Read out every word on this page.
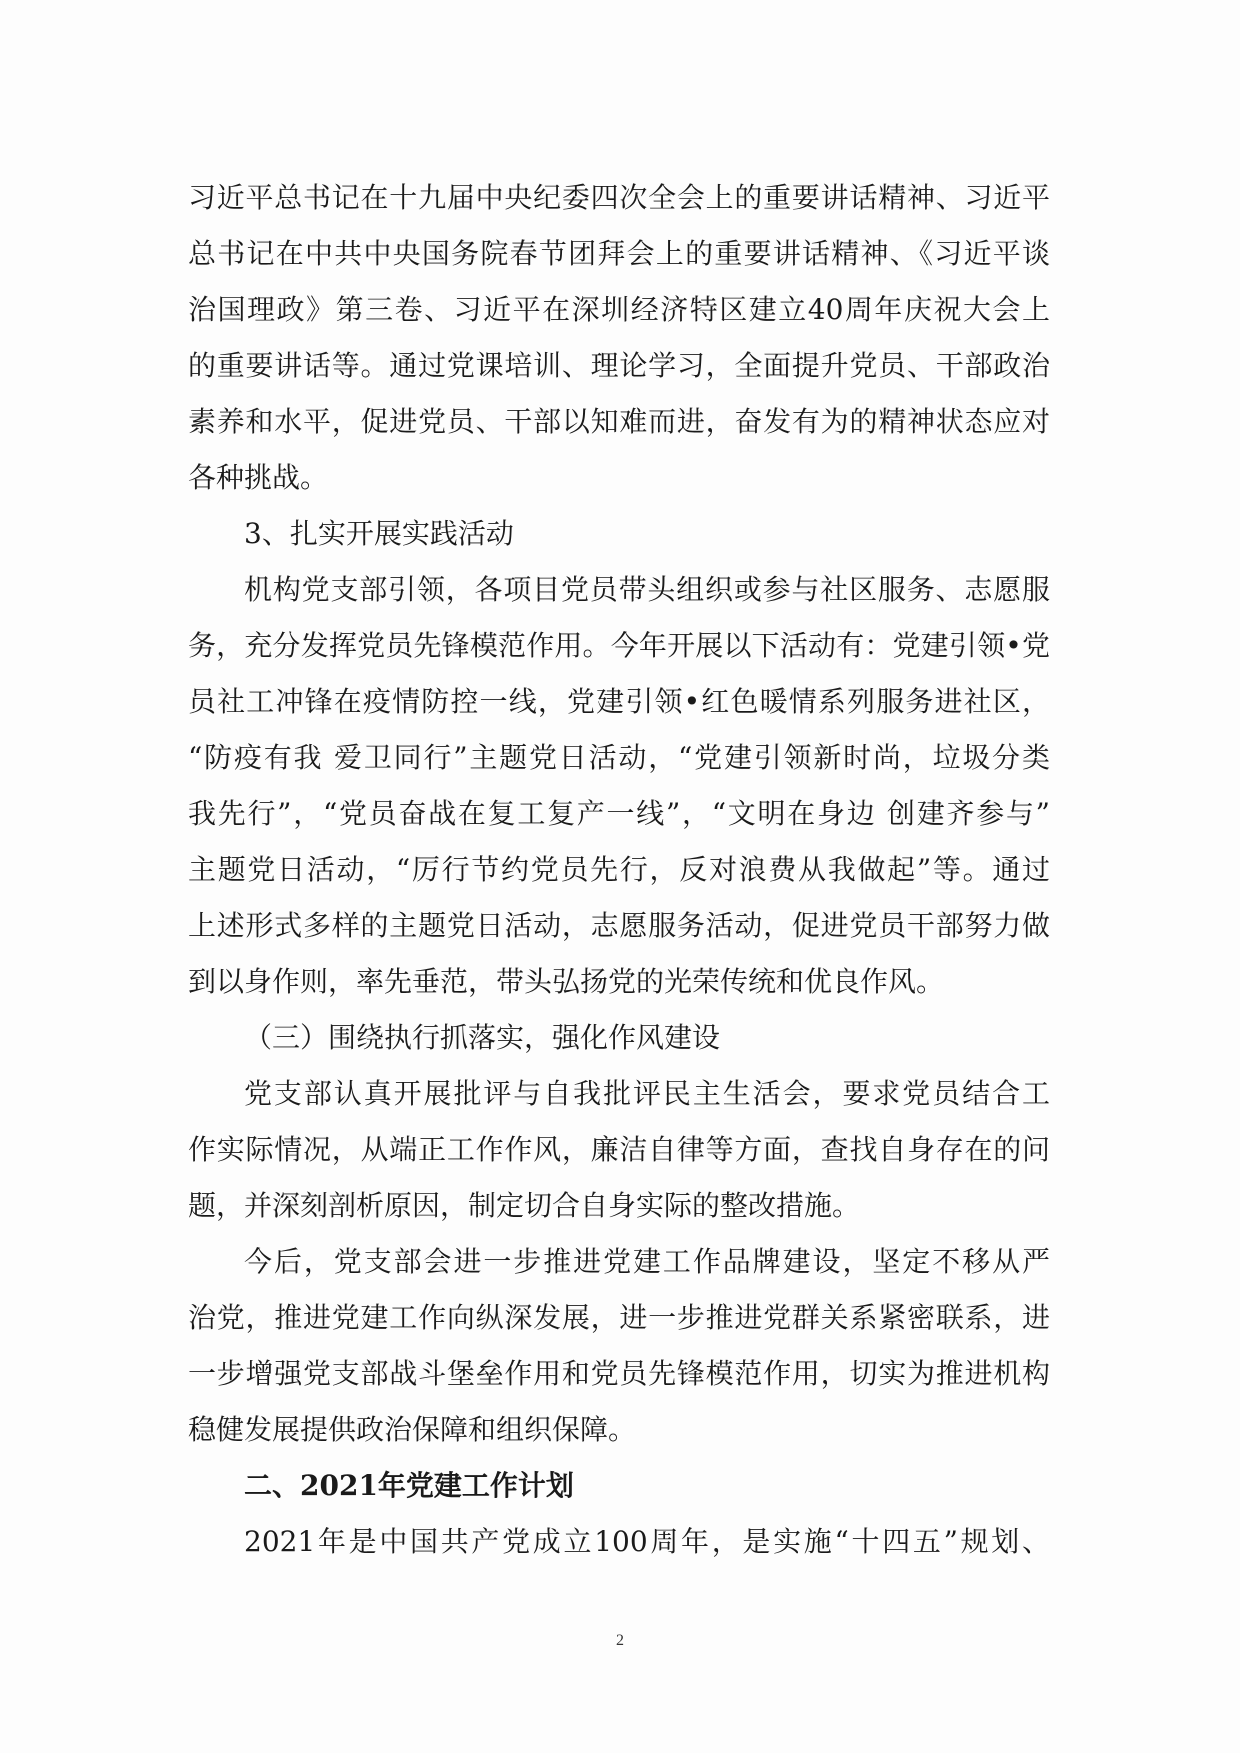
习近平总书记在十九届中央纪委四次全会上的重要讲话精神、习近平
总书记在中共中央国务院春节团拜会上的重要讲话精神、《习近平谈
治国理政》第三卷、习近平在深圳经济特区建立40周年庆祝大会上
的重要讲话等。通过党课培训、理论学习，全面提升党员、干部政治
素养和水平，促进党员、干部以知难而进，奋发有为的精神状态应对
各种挑战。
3、扎实开展实践活动
机构党支部引领，各项目党员带头组织或参与社区服务、志愿服
务，充分发挥党员先锋模范作用。今年开展以下活动有：党建引领•党
员社工冲锋在疫情防控一线，党建引领•红色暖情系列服务进社区，
“防疫有我 爱卫同行”主题党日活动，“党建引领新时尚，垃圾分类
我先行”，“党员奋战在复工复产一线”，“文明在身边 创建齐参与”
主题党日活动，“厉行节约党员先行，反对浪费从我做起”等。通过
上述形式多样的主题党日活动，志愿服务活动，促进党员干部努力做
到以身作则，率先垂范，带头弘扬党的光荣传统和优良作风。
（三）围绕执行抓落实，强化作风建设
党支部认真开展批评与自我批评民主生活会，要求党员结合工
作实际情况，从端正工作作风，廉洁自律等方面，查找自身存在的问
题，并深刻剖析原因，制定切合自身实际的整改措施。
今后，党支部会进一步推进党建工作品牌建设，坚定不移从严
治党，推进党建工作向纵深发展，进一步推进党群关系紧密联系，进
一步增强党支部战斗堡垒作用和党员先锋模范作用，切实为推进机构
稳健发展提供政治保障和组织保障。
二、2021年党建工作计划
2021年是中国共产党成立100周年，是实施“十四五”规划、
2
